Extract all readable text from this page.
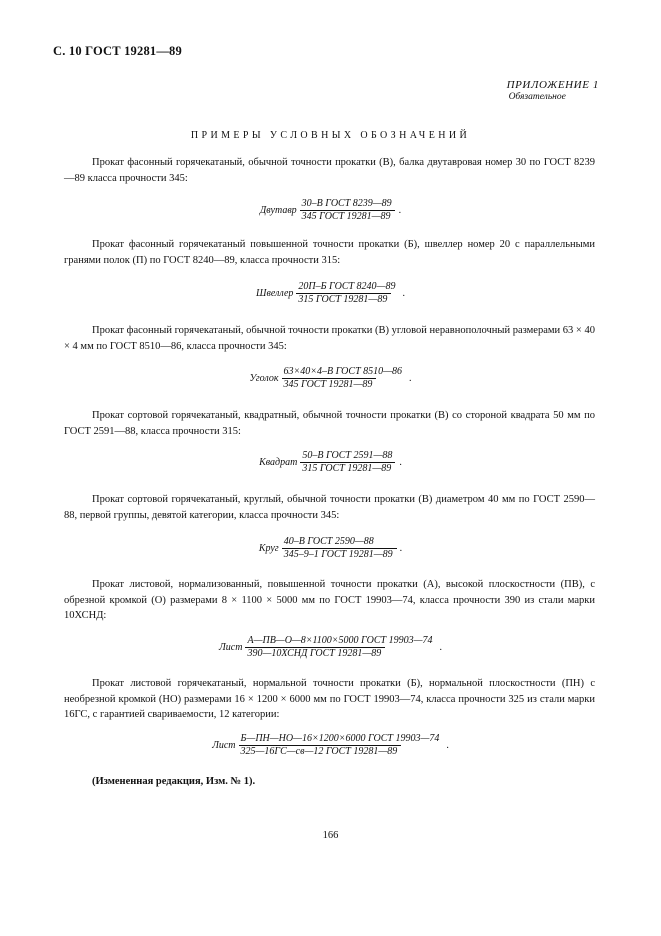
С. 10 ГОСТ 19281—89
ПРИЛОЖЕНИЕ 1
Обязательное
ПРИМЕРЫ УСЛОВНЫХ ОБОЗНАЧЕНИЙ
Прокат фасонный горячекатаный, обычной точности прокатки (В), балка двутавровая номер 30 по ГОСТ 8239—89 класса прочности 345:
Двутавр $\frac{\text{30–В ГОСТ 8239—89}}{\text{345 ГОСТ 19281—89}}$ .
Прокат фасонный горячекатаный повышенной точности прокатки (Б), швеллер номер 20 с параллельными гранями полок (П) по ГОСТ 8240—89, класса прочности 315:
Швеллер $\frac{\text{20П–Б ГОСТ 8240—89}}{\text{315 ГОСТ 19281—89}}$ .
Прокат фасонный горячекатаный, обычной точности прокатки (В) угловой неравнополочный размерами 63 × 40 × 4 мм по ГОСТ 8510—86, класса прочности 345:
Уголок $\frac{\text{63×40×4–В ГОСТ 8510—86}}{\text{345 ГОСТ 19281—89}}$ .
Прокат сортовой горячекатаный, квадратный, обычной точности прокатки (В) со стороной квадрата 50 мм по ГОСТ 2591—88, класса прочности 315:
Квадрат $\frac{\text{50–В ГОСТ 2591—88}}{\text{315 ГОСТ 19281—89}}$ .
Прокат сортовой горячекатаный, круглый, обычной точности прокатки (В) диаметром 40 мм по ГОСТ 2590—88, первой группы, девятой категории, класса прочности 345:
Круг $\frac{\text{40–В ГОСТ 2590—88}}{\text{345–9–1 ГОСТ 19281—89}}$ .
Прокат листовой, нормализованный, повышенной точности прокатки (А), высокой плоскостности (ПВ), с обрезной кромкой (О) размерами 8 × 1100 × 5000 мм по ГОСТ 19903—74, класса прочности 390 из стали марки 10ХСНД:
Лист $\frac{\text{А—ПВ—О—8×1100×5000 ГОСТ 19903—74}}{\text{390—10ХСНД ГОСТ 19281—89}}$ .
Прокат листовой горячекатаный, нормальной точности прокатки (Б), нормальной плоскостности (ПН) с необрезной кромкой (НО) размерами 16 × 1200 × 6000 мм по ГОСТ 19903—74, класса прочности 325 из стали марки 16ГС, с гарантией свариваемости, 12 категории:
Лист $\frac{\text{Б—ПН—НО—16×1200×6000 ГОСТ 19903—74}}{\text{325—16ГС—св—12 ГОСТ 19281—89}}$ .
(Измененная редакция, Изм. № 1).
166
